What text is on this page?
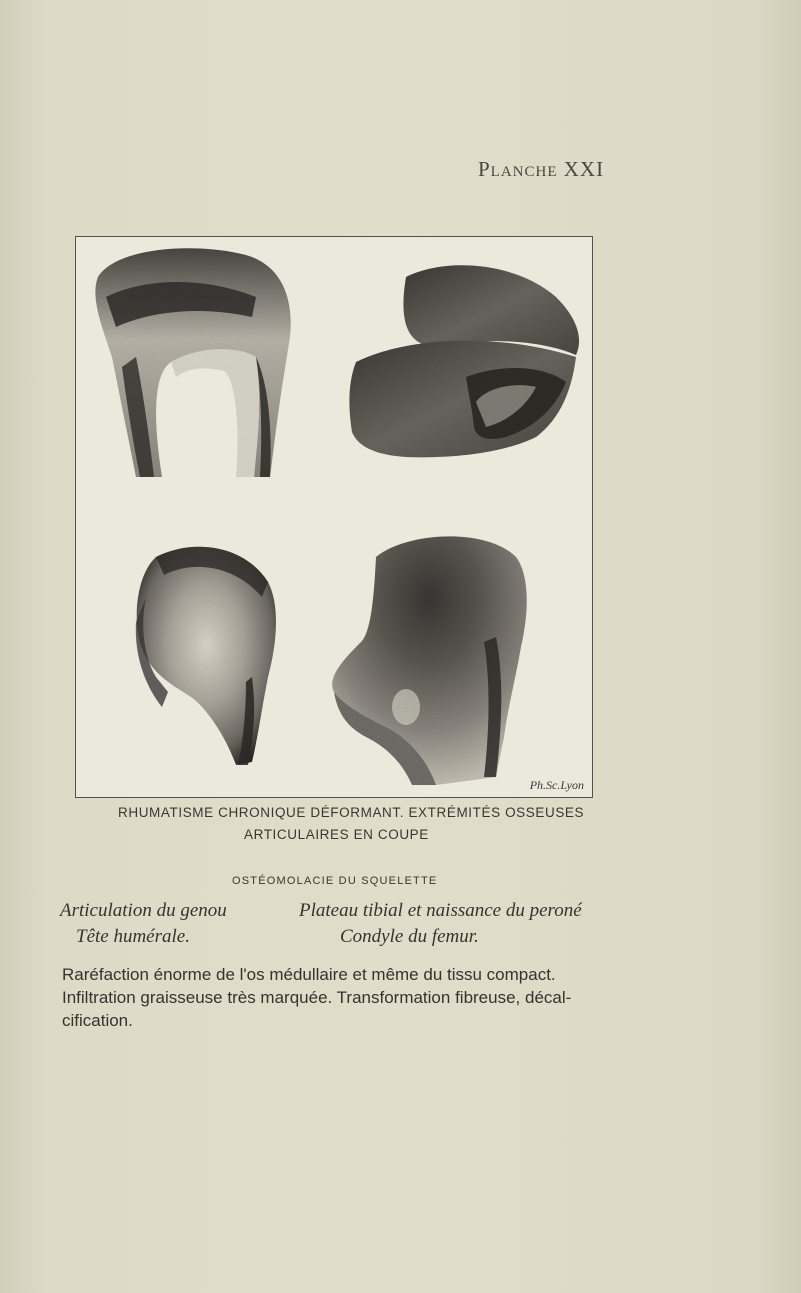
Planche XXI
Ph.Sc.Lyon
RHUMATISME CHRONIQUE DÉFORMANT. EXTRÉMITÉS OSSEUSES
ARTICULAIRES EN COUPE
OSTÉOMOLACIE DU SQUELETTE
Articulation du genou	Plateau tibial et naissance du peroné
Tête humérale.	Condyle du femur.
Raréfaction énorme de l'os médullaire et même du tissu compact.
Infiltration graisseuse très marquée. Transformation fibreuse, décal-
cification.
